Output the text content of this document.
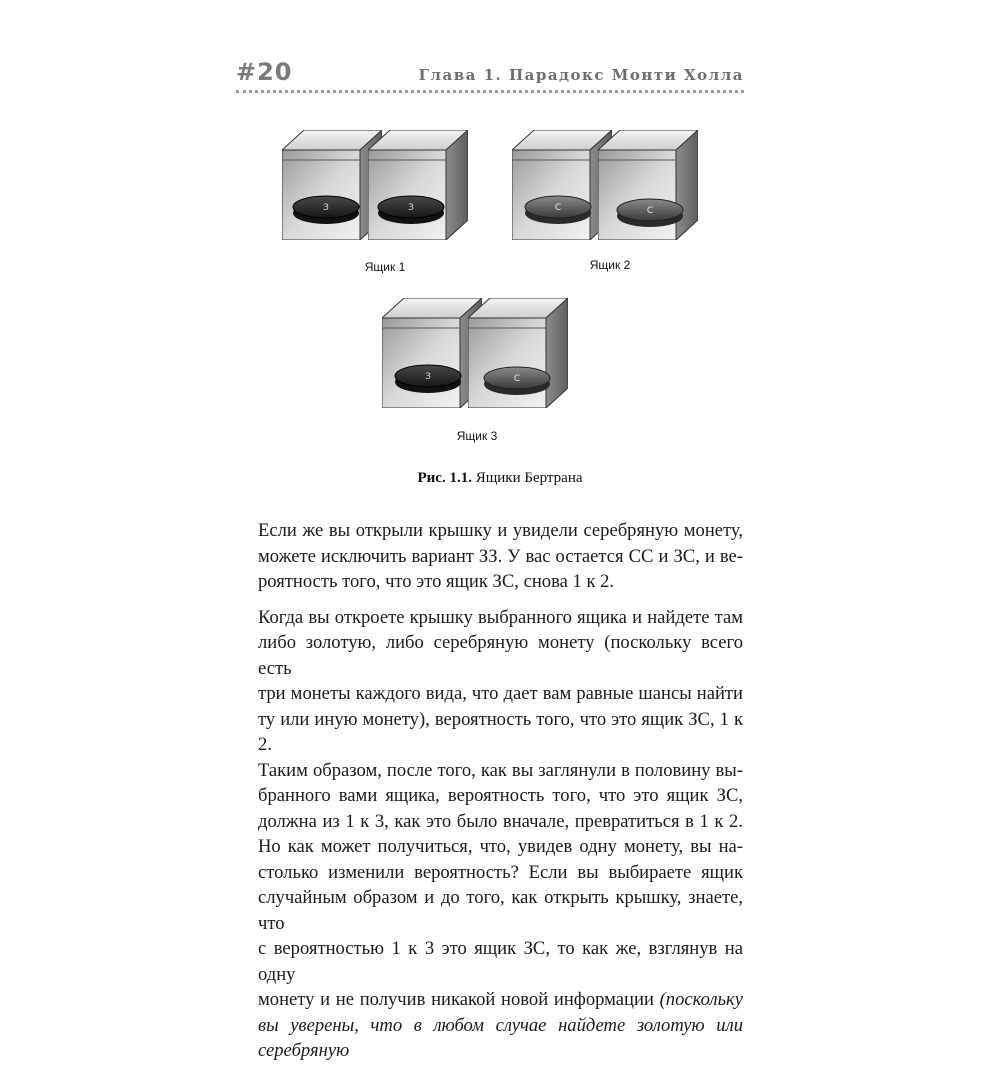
#20	Глава 1. Парадокс Монти Холла
З	З
Ящик 1
С	С
Ящик 2
З	С
Ящик 3
Рис. 1.1. Ящики Бертрана

Если же вы открыли крышку и увидели серебряную монету,
можете исключить вариант ЗЗ. У вас остается СС и ЗС, и ве-
роятность того, что это ящик ЗС, снова 1 к 2.

Когда вы откроете крышку выбранного ящика и найдете там
либо золотую, либо серебряную монету (поскольку всего есть
три монеты каждого вида, что дает вам равные шансы найти
ту или иную монету), вероятность того, что это ящик ЗС, 1 к 2.
Таким образом, после того, как вы заглянули в половину вы-
бранного вами ящика, вероятность того, что это ящик ЗС,
должна из 1 к 3, как это было вначале, превратиться в 1 к 2.
Но как может получиться, что, увидев одну монету, вы на-
столько изменили вероятность? Если вы выбираете ящик
случайным образом и до того, как открыть крышку, знаете, что
с вероятностью 1 к 3 это ящик ЗС, то как же, взглянув на одну
монету и не получив никакой новой информации (поскольку
вы уверены, что в любом случае найдете золотую или серебряную
